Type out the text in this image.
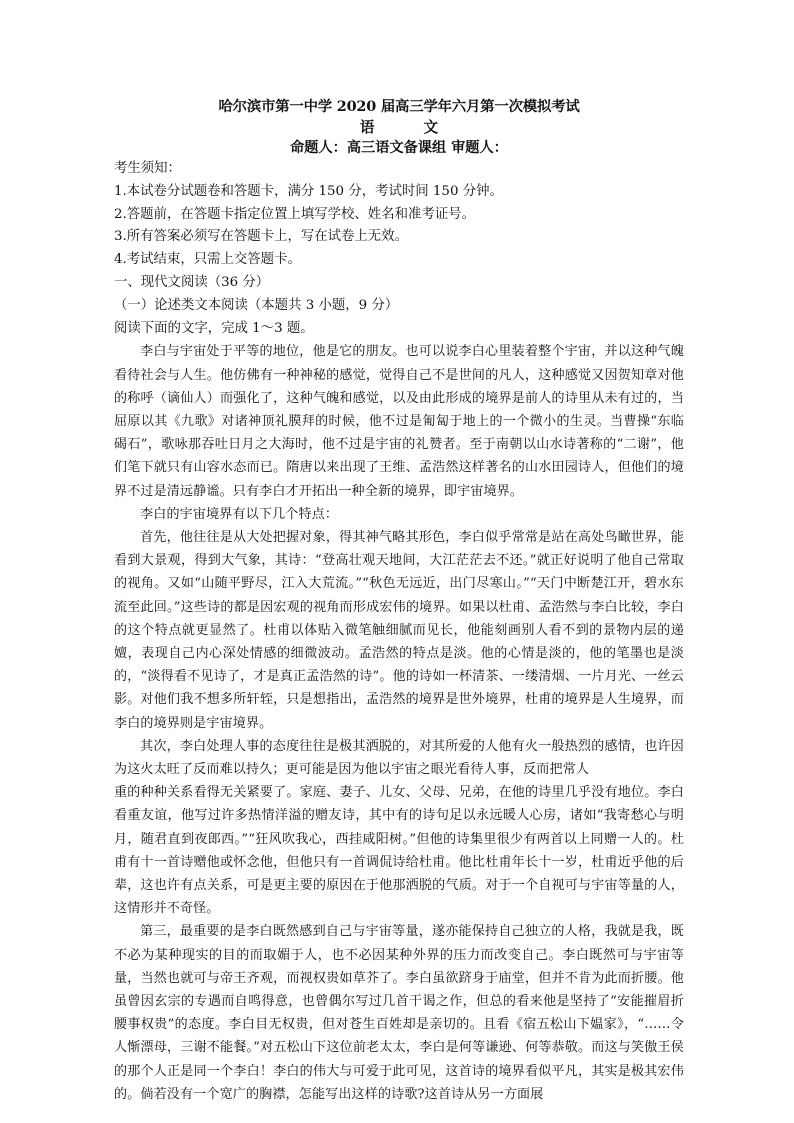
哈尔滨市第一中学 2020 届高三学年六月第一次模拟考试

语 文

命题人：高三语文备课组 审题人：

考生须知：

1.本试卷分试题卷和答题卡，满分 150 分，考试时间 150 分钟。

2.答题前，在答题卡指定位置上填写学校、姓名和准考证号。

3.所有答案必须写在答题卡上，写在试卷上无效。

4.考试结束，只需上交答题卡。

一、现代文阅读（36 分）

（一）论述类文本阅读（本题共 3 小题，9 分）

阅读下面的文字，完成 1～3 题。

李白与宇宙处于平等的地位，他是它的朋友。也可以说李白心里装着整个宇宙，并以这种气魄看待社会与人生。他仿佛有一种神秘的感觉，觉得自己不是世间的凡人，这种感觉又因贺知章对他的称呼（谪仙人）而强化了，这种气魄和感觉，以及由此形成的境界是前人的诗里从未有过的，当屈原以其《九歌》对诸神顶礼膜拜的时候，他不过是匍匐于地上的一个微小的生灵。当曹操“东临碣石”，歌咏那吞吐日月之大海时，他不过是宇宙的礼赞者。至于南朝以山水诗著称的“二谢”，他们笔下就只有山容水态而已。隋唐以来出现了王维、孟浩然这样著名的山水田园诗人，但他们的境界不过是清远静谧。只有李白才开拓出一种全新的境界，即宇宙境界。

李白的宇宙境界有以下几个特点：

首先，他往往是从大处把握对象，得其神气略其形色，李白似乎常常是站在高处鸟瞰世界，能看到大景观，得到大气象，其诗：“登高壮观天地间，大江茫茫去不还。”就正好说明了他自己常取的视角。又如“山随平野尽，江入大荒流。”“秋色无远近，出门尽寒山。”“天门中断楚江开，碧水东流至此回。”这些诗的都是因宏观的视角而形成宏伟的境界。如果以杜甫、孟浩然与李白比较，李白的这个特点就更显然了。杜甫以体贴入微笔触细腻而见长，他能刻画别人看不到的景物内层的递嬗，表现自己内心深处情感的细微波动。孟浩然的特点是淡。他的心情是淡的，他的笔墨也是淡的，“淡得看不见诗了，才是真正孟浩然的诗”。他的诗如一杯清茶、一缕清烟、一片月光、一丝云影。对他们我不想多所轩轾，只是想指出，孟浩然的境界是世外境界，杜甫的境界是人生境界，而李白的境界则是宇宙境界。

其次，李白处理人事的态度往往是极其洒脱的，对其所爱的人他有火一般热烈的感情，也许因为这火太旺了反而难以持久；更可能是因为他以宇宙之眼光看待人事，反而把常人

重的种种关系看得无关紧要了。家庭、妻子、儿女、父母、兄弟，在他的诗里几乎没有地位。李白看重友谊，他写过许多热情洋溢的赠友诗，其中有的诗句足以永远暖人心房，诸如“我寄愁心与明月，随君直到夜郎西。”“狂风吹我心，西挂咸阳树。”但他的诗集里很少有两首以上同赠一人的。杜甫有十一首诗赠他或怀念他，但他只有一首调侃诗给杜甫。他比杜甫年长十一岁，杜甫近乎他的后辈，这也许有点关系，可是更主要的原因在于他那洒脱的气质。对于一个自视可与宇宙等量的人，这情形并不奇怪。

第三，最重要的是李白既然感到自己与宇宙等量，遂亦能保持自己独立的人格，我就是我，既不必为某种现实的目的而取媚于人，也不必因某种外界的压力而改变自己。李白既然可与宇宙等量，当然也就可与帝王齐观，而视权贵如草芥了。李白虽欲跻身于庙堂，但并不肯为此而折腰。他虽曾因玄宗的专遇而自鸣得意，也曾偶尔写过几首干谒之作，但总的看来他是坚持了“安能摧眉折腰事权贵”的态度。李白目无权贵，但对苍生百姓却是亲切的。且看《宿五松山下媪家》，“……令人惭漂母，三谢不能餐。”对五松山下这位前老太太，李白是何等谦逊、何等恭敬。而这与笑傲王侯的那个人正是同一个李白！李白的伟大与可爱于此可见，这首诗的境界看似平凡，其实是极其宏伟的。倘若没有一个宽广的胸襟，怎能写出这样的诗歌?这首诗从另一方面展
